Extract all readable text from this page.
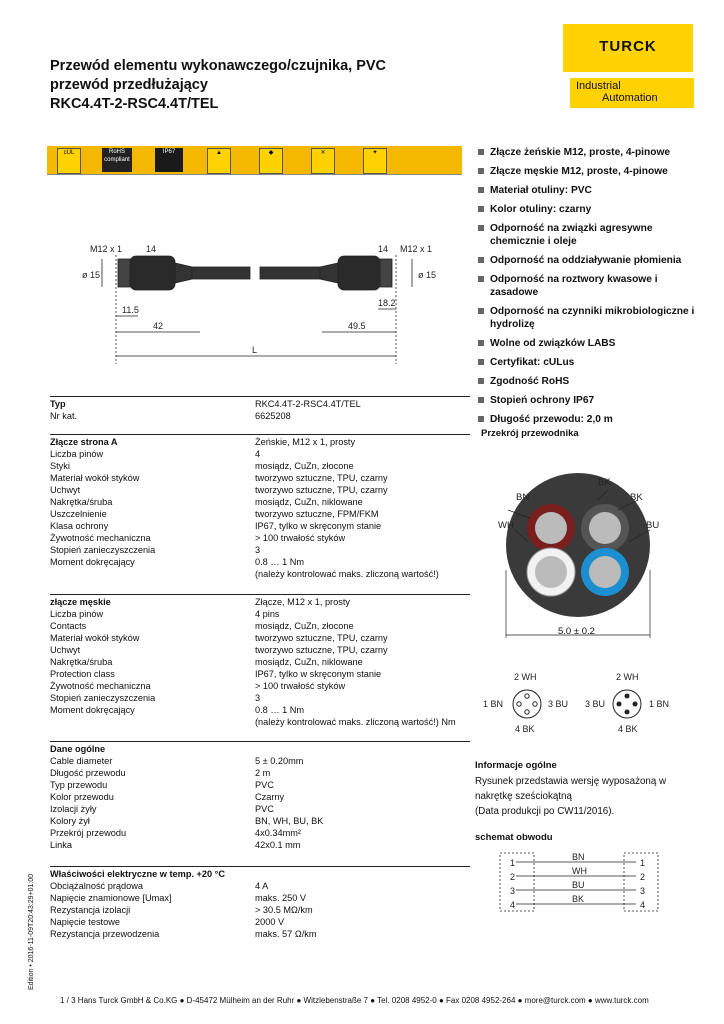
Przewód elementu wykonawczego/czujnika, PVC
przewód przedłużający
RKC4.4T-2-RSC4.4T/TEL
TURCK
Industrial
Automation
cUL	RoHS compliant
IP67	▲	◆	✕	✦
M12 x 1	14
ø 15
11.5
42
14 M12 x 1
ø 15
18.2
49.5
L
Złącze żeńskie M12, proste, 4-pinowe
Złącze męskie M12, proste, 4-pinowe
Materiał otuliny: PVC
Kolor otuliny: czarny
Odporność na związki agresywne chemicznie i oleje
Odporność na oddziaływanie płomienia
Odporność na roztwory kwasowe i zasadowe
Odporność na czynniki mikrobiologiczne i hydrolizę
Wolne od związków LABS
Certyfikat: cULus
Zgodność RoHS
Stopień ochrony IP67
Długość przewodu: 2,0 m
Typ	RKC4.4T-2-RSC4.4T/TEL
Nr kat.	6625208
Złącze strona A	Żeńskie, M12 x 1, prosty
Liczba pinów	4
Styki	mosiądz, CuZn, złocone
Materiał wokół styków	tworzywo sztuczne, TPU, czarny
Uchwyt	tworzywo sztuczne, TPU, czarny
Nakrętka/śruba	mosiądz, CuZn, niklowane
Uszczelnienie	tworzywo sztuczne, FPM/FKM
Klasa ochrony	IP67, tylko w skręconym stanie
Żywotność mechaniczna	> 100 trwałość styków
Stopień zanieczyszczenia	3
Moment dokręcający	0.8 … 1 Nm
	(należy kontrolować maks. zliczoną wartość!)
złącze męskie	Złącze, M12 x 1, prosty
Liczba pinów	4 pins
Contacts	mosiądz, CuZn, złocone
Materiał wokół styków	tworzywo sztuczne, TPU, czarny
Uchwyt	tworzywo sztuczne, TPU, czarny
Nakrętka/śruba	mosiądz, CuZn, niklowane
Protection class	IP67, tylko w skręconym stanie
Żywotność mechaniczna	> 100 trwałość styków
Stopień zanieczyszczenia	3
Moment dokręcający	0.8 … 1 Nm
	(należy kontrolować maks. zliczoną wartość!) Nm
Dane ogólne	
Cable diameter	5 ± 0.20mm
Długość przewodu	2 m
Typ przewodu	PVC
Kolor przewodu	Czarny
Izolacji żyły	PVC
Kolory żył	BN, WH, BU, BK
Przekrój przewodu	4x0.34mm²
Linka	42x0.1 mm
Właściwości elektryczne w temp. +20 °C	
Obciążalność prądowa	4 A
Napięcie znamionowe [Umax]	maks. 250 V
Rezystancja izolacji	> 30.5 MΩ/km
Napięcie testowe	2000 V
Rezystancja przewodzenia	maks. 57 Ω/km
Przekrój przewodnika
BK
BK
BN
WH	BU
5.0 ± 0.2
2 WH
1 BN	3 BU
4 BK
2 WH
3 BU	1 BN
4 BK
Informacje ogólne
Rysunek przedstawia wersję wyposażoną w
nakrętkę sześciokątną
(Data produkcji po CW11/2016).
schemat obwodu
1
2
3
4
BN
WH
BU
BK
1
2
3
4
Edition • 2016-11-09T20:43:29+01:00
1 / 3 Hans Turck GmbH & Co.KG ● D-45472 Mülheim an der Ruhr ● Witzlebenstraße 7 ● Tel. 0208 4952-0 ● Fax 0208 4952-264 ● more@turck.com ● www.turck.com
